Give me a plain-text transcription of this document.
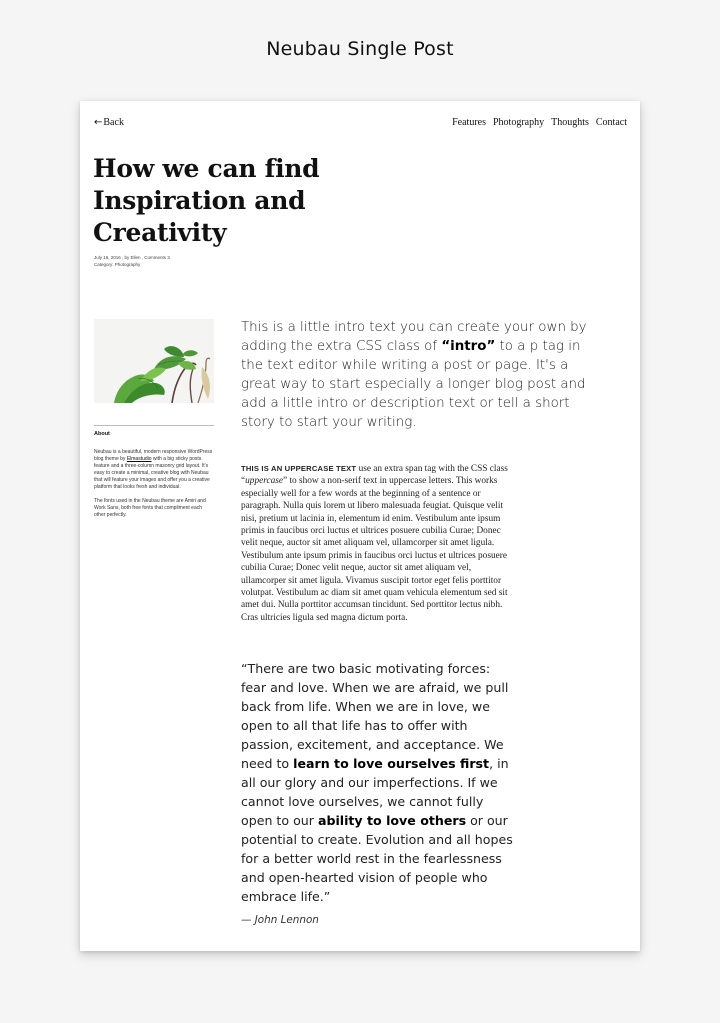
Neubau Single Post
← Back	Features Photography Thoughts Contact
How we can find
Inspiration and
Creativity
July 16, 2016 , by Ellen , Comments 3
Category: Photography
About

Neubau is a beautiful, modern responsive WordPress blog theme by Elmastudio with a big sticky posts feature and a three-column masonry grid layout. It's easy to create a minimal, creative blog with Neubau that will feature your images and offer you a creative platform that looks fresh and individual.

The fonts used in the Neubau theme are Amiri and Work Sans, both free fonts that compliment each other perfectly.

This is a little intro text you can create your own by adding the extra CSS class of “intro” to a p tag in the text editor while writing a post or page. It's a great way to start especially a longer blog post and add a little intro or description text or tell a short story to start your writing.

THIS IS AN UPPERCASE TEXT use an extra span tag with the CSS class “uppercase” to show a non-serif text in uppercase letters. This works especially well for a few words at the beginning of a sentence or paragraph. Nulla quis lorem ut libero malesuada feugiat. Quisque velit nisi, pretium ut lacinia in, elementum id enim. Vestibulum ante ipsum primis in faucibus orci luctus et ultrices posuere cubilia Curae; Donec velit neque, auctor sit amet aliquam vel, ullamcorper sit amet ligula. Vestibulum ante ipsum primis in faucibus orci luctus et ultrices posuere cubilia Curae; Donec velit neque, auctor sit amet aliquam vel, ullamcorper sit amet ligula. Vivamus suscipit tortor eget felis porttitor volutpat. Vestibulum ac diam sit amet quam vehicula elementum sed sit amet dui. Nulla porttitor accumsan tincidunt. Sed porttitor lectus nibh. Cras ultricies ligula sed magna dictum porta.

“There are two basic motivating forces: fear and love. When we are afraid, we pull back from life. When we are in love, we open to all that life has to offer with passion, excitement, and acceptance. We need to learn to love ourselves first, in all our glory and our imperfections. If we cannot love ourselves, we cannot fully open to our ability to love others or our potential to create. Evolution and all hopes for a better world rest in the fearlessness and open-hearted vision of people who embrace life.”
— John Lennon
